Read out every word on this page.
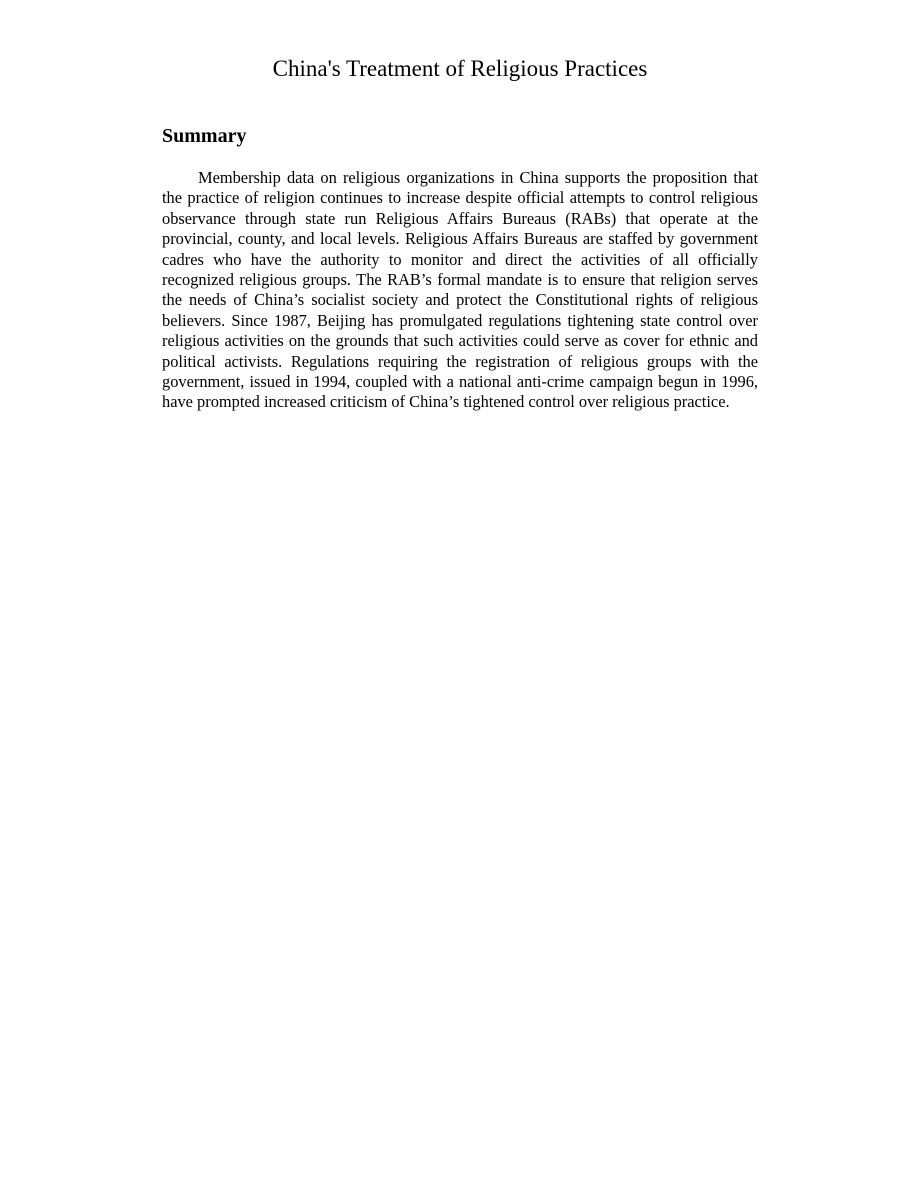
China's Treatment of Religious Practices
Summary

Membership data on religious organizations in China supports the proposition that the practice of religion continues to increase despite official attempts to control religious observance through state run Religious Affairs Bureaus (RABs) that operate at the provincial, county, and local levels. Religious Affairs Bureaus are staffed by government cadres who have the authority to monitor and direct the activities of all officially recognized religious groups. The RAB’s formal mandate is to ensure that religion serves the needs of China’s socialist society and protect the Constitutional rights of religious believers. Since 1987, Beijing has promulgated regulations tightening state control over religious activities on the grounds that such activities could serve as cover for ethnic and political activists. Regulations requiring the registration of religious groups with the government, issued in 1994, coupled with a national anti-crime campaign begun in 1996, have prompted increased criticism of China’s tightened control over religious practice.
